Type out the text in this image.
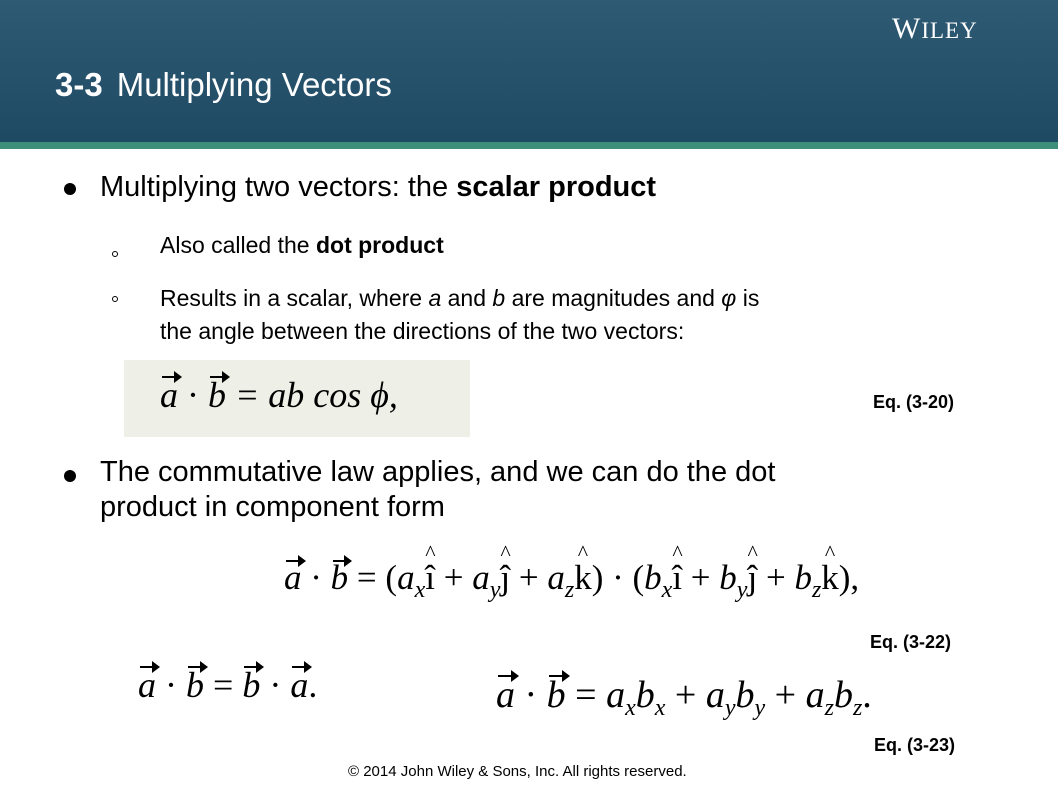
WILEY
3-3 Multiplying Vectors
Multiplying two vectors: the scalar product
Also called the dot product
Results in a scalar, where a and b are magnitudes and φ is
the angle between the directions of the two vectors:
a · b = ab cos ϕ,	Eq. (3-20)
The commutative law applies, and we can do the dot
product in component form
$a \cdot b = (a_xî$ ^ + $a_yĵ$ ^ + $a_zk$ ^) · ($b_xî$ ^ + $b_yĵ$ ^ + $b_zk$ ^),
Eq. (3-22)
a · b = b · a.	$a \cdot b = a_xb_x + a_yb_y + a_zb_z$.
Eq. (3-23)
© 2014 John Wiley & Sons, Inc. All rights reserved.
